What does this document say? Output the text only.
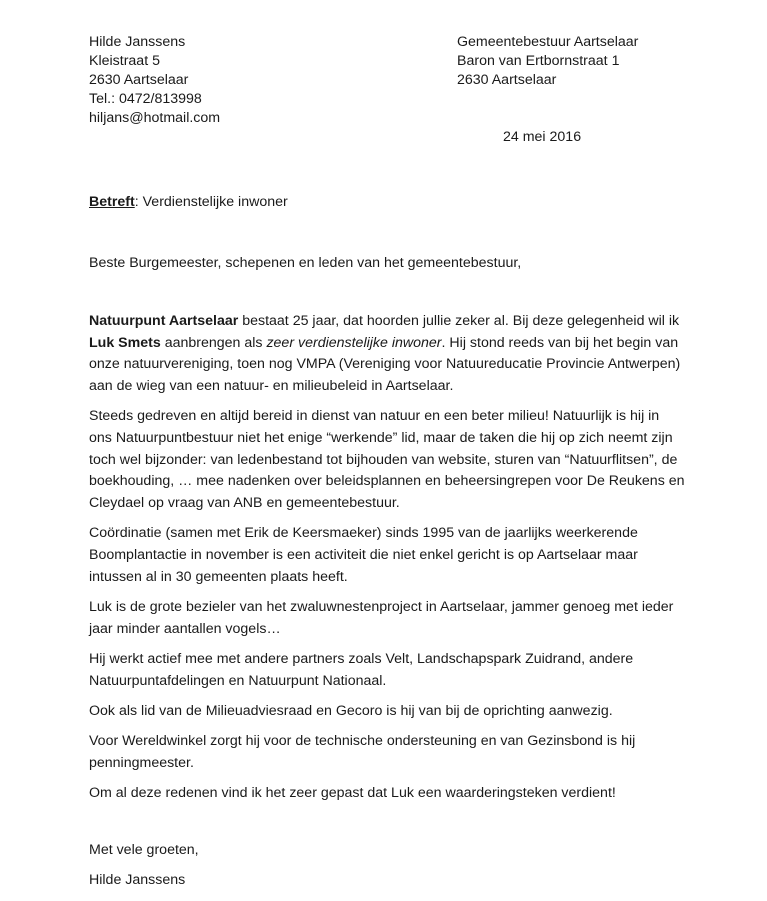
Hilde Janssens
Kleistraat 5
2630 Aartselaar
Tel.: 0472/813998
hiljans@hotmail.com
Gemeentebestuur Aartselaar
Baron van Ertbornstraat 1
2630 Aartselaar
24 mei 2016
Betreft: Verdienstelijke inwoner
Beste Burgemeester, schepenen en leden van het gemeentebestuur,

Natuurpunt Aartselaar bestaat 25 jaar, dat hoorden jullie zeker al. Bij deze gelegenheid wil ik Luk Smets aanbrengen als zeer verdienstelijke inwoner. Hij stond reeds van bij het begin van onze natuurvereniging, toen nog VMPA (Vereniging voor Natuureducatie Provincie Antwerpen) aan de wieg van een natuur- en milieubeleid in Aartselaar.

Steeds gedreven en altijd bereid in dienst van natuur en een beter milieu! Natuurlijk is hij in ons Natuurpuntbestuur niet het enige “werkende” lid, maar de taken die hij op zich neemt zijn toch wel bijzonder: van ledenbestand tot bijhouden van website, sturen van “Natuurflitsen”, de boekhouding, … mee nadenken over beleidsplannen en beheersingrepen voor De Reukens en Cleydael op vraag van ANB en gemeentebestuur.

Coördinatie (samen met Erik de Keersmaeker) sinds 1995 van de jaarlijks weerkerende Boomplantactie in november is een activiteit die niet enkel gericht is op Aartselaar maar intussen al in 30 gemeenten plaats heeft.

Luk is de grote bezieler van het zwaluwnestenproject in Aartselaar, jammer genoeg met ieder jaar minder aantallen vogels…

Hij werkt actief mee met andere partners zoals Velt, Landschapspark Zuidrand, andere Natuurpuntafdelingen en Natuurpunt Nationaal.

Ook als lid van de Milieuadviesraad en Gecoro is hij van bij de oprichting aanwezig.

Voor Wereldwinkel zorgt hij voor de technische ondersteuning en van Gezinsbond is hij penningmeester.

Om al deze redenen vind ik het zeer gepast dat Luk een waarderingsteken verdient!

Met vele groeten,
Hilde Janssens
